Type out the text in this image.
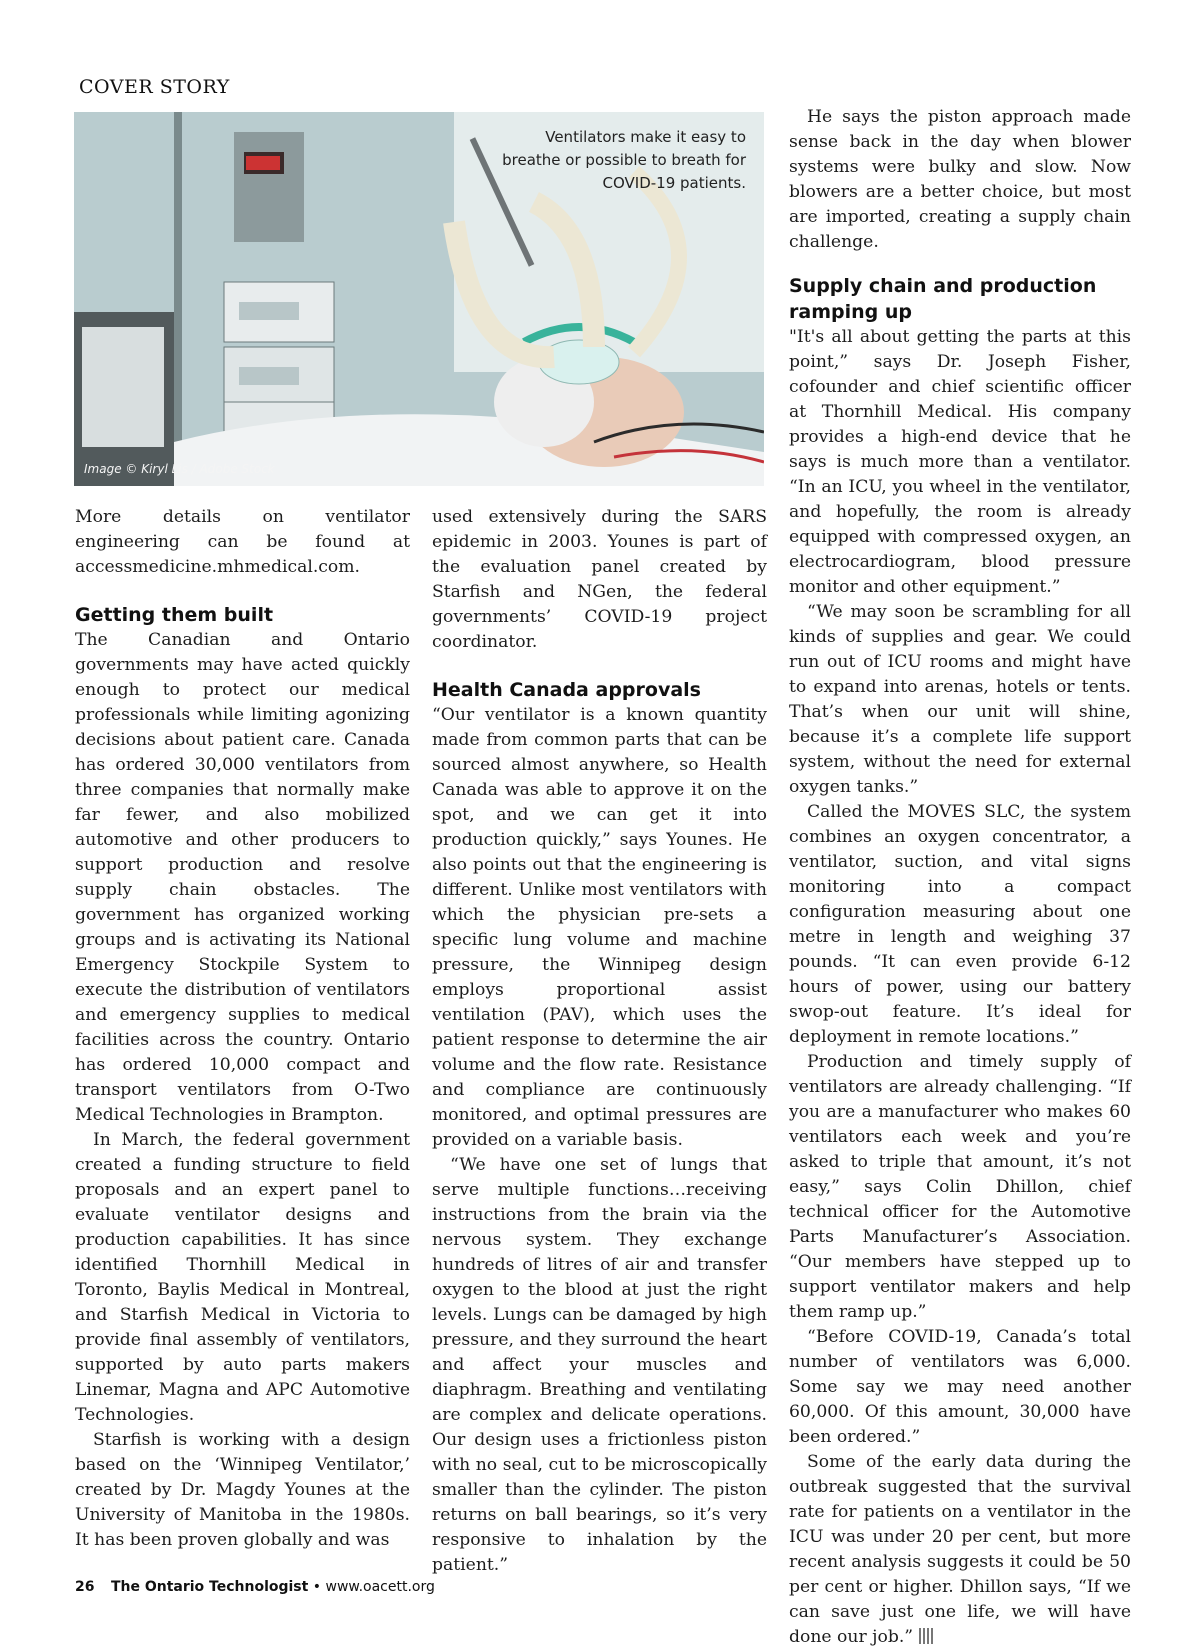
COVER STORY
Ventilators make it easy to breathe or possible to breath for COVID-19 patients.
Image © Kiryl Lis / Adobe Stock

More details on ventilator engineering can be found at accessmedicine.mhmedical.com.

Getting them built

The Canadian and Ontario governments may have acted quickly enough to protect our medical professionals while limiting agonizing decisions about patient care. Canada has ordered 30,000 ventilators from three companies that normally make far fewer, and also mobilized automotive and other producers to support production and resolve supply chain obstacles. The government has organized working groups and is activating its National Emergency Stockpile System to execute the distribution of ventilators and emergency supplies to medical facilities across the country. Ontario has ordered 10,000 compact and transport ventilators from O-Two Medical Technologies in Brampton.

In March, the federal government created a funding structure to field proposals and an expert panel to evaluate ventilator designs and production capabilities. It has since identified Thornhill Medical in Toronto, Baylis Medical in Montreal, and Starfish Medical in Victoria to provide final assembly of ventilators, supported by auto parts makers Linemar, Magna and APC Automotive Technologies.

Starfish is working with a design based on the ‘Winnipeg Ventilator,’ created by Dr. Magdy Younes at the University of Manitoba in the 1980s. It has been proven globally and was

used extensively during the SARS epidemic in 2003. Younes is part of the evaluation panel created by Starfish and NGen, the federal governments’ COVID-19 project coordinator.

Health Canada approvals

“Our ventilator is a known quantity made from common parts that can be sourced almost anywhere, so Health Canada was able to approve it on the spot, and we can get it into production quickly,” says Younes. He also points out that the engineering is different. Unlike most ventilators with which the physician pre-sets a specific lung volume and machine pressure, the Winnipeg design employs proportional assist ventilation (PAV), which uses the patient response to determine the air volume and the flow rate. Resistance and compliance are continuously monitored, and optimal pressures are provided on a variable basis.

“We have one set of lungs that serve multiple functions…receiving instructions from the brain via the nervous system. They exchange hundreds of litres of air and transfer oxygen to the blood at just the right levels. Lungs can be damaged by high pressure, and they surround the heart and affect your muscles and diaphragm. Breathing and ventilating are complex and delicate operations. Our design uses a frictionless piston with no seal, cut to be microscopically smaller than the cylinder. The piston returns on ball bearings, so it’s very responsive to inhalation by the patient.”

He says the piston approach made sense back in the day when blower systems were bulky and slow. Now blowers are a better choice, but most are imported, creating a supply chain challenge.

Supply chain and production ramping up

"It's all about getting the parts at this point,” says Dr. Joseph Fisher, cofounder and chief scientific officer at Thornhill Medical. His company provides a high-end device that he says is much more than a ventilator. “In an ICU, you wheel in the ventilator, and hopefully, the room is already equipped with compressed oxygen, an electrocardiogram, blood pressure monitor and other equipment.”

“We may soon be scrambling for all kinds of supplies and gear. We could run out of ICU rooms and might have to expand into arenas, hotels or tents. That’s when our unit will shine, because it’s a complete life support system, without the need for external oxygen tanks.”

Called the MOVES SLC, the system combines an oxygen concentrator, a ventilator, suction, and vital signs monitoring into a compact configuration measuring about one metre in length and weighing 37 pounds. “It can even provide 6-12 hours of power, using our battery swop-out feature. It’s ideal for deployment in remote locations.”

Production and timely supply of ventilators are already challenging. “If you are a manufacturer who makes 60 ventilators each week and you’re asked to triple that amount, it’s not easy,” says Colin Dhillon, chief technical officer for the Automotive Parts Manufacturer’s Association. “Our members have stepped up to support ventilator makers and help them ramp up.”

“Before COVID-19, Canada’s total number of ventilators was 6,000. Some say we may need another 60,000. Of this amount, 30,000 have been ordered.”

Some of the early data during the outbreak suggested that the survival rate for patients on a ventilator in the ICU was under 20 per cent, but more recent analysis suggests it could be 50 per cent or higher. Dhillon says, “If we can save just one life, we will have done our job.”

26 The Ontario Technologist • www.oacett.org
